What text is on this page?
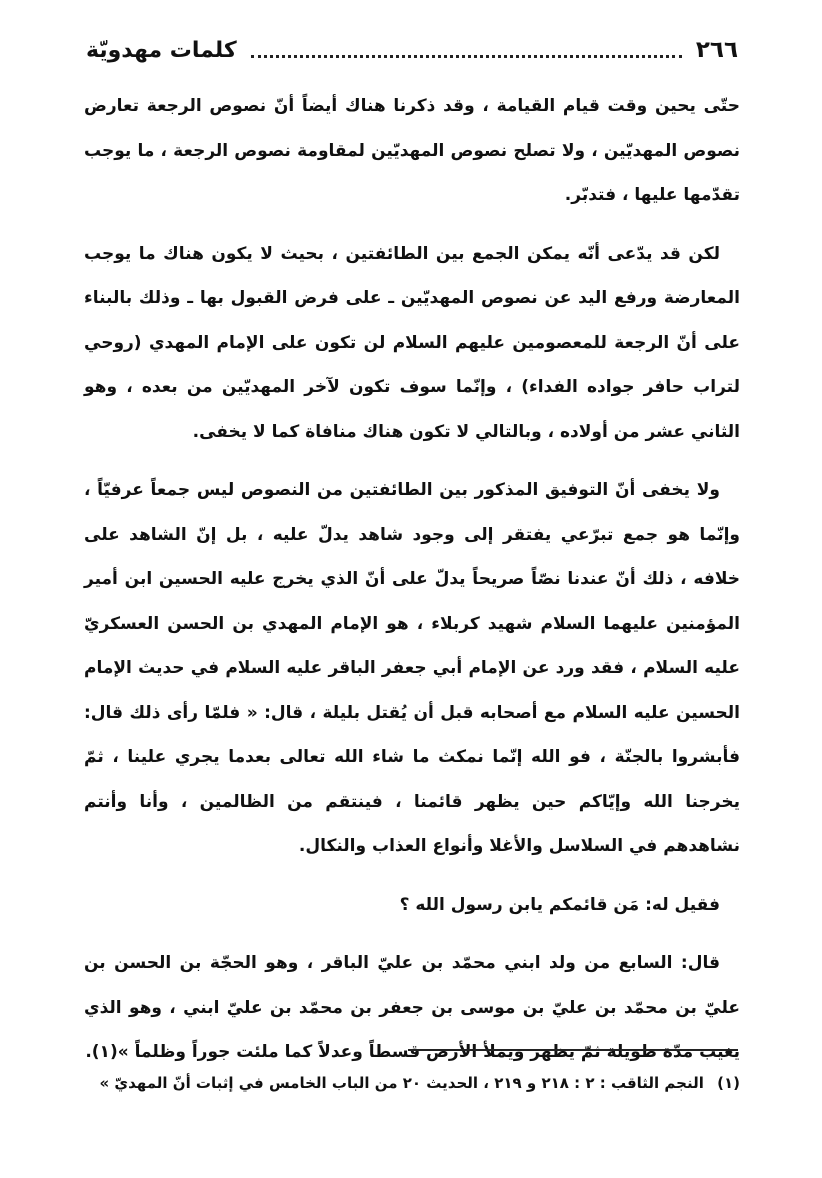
٢٦٦
كلمات مهدويّة

حتّى يحين وقت قيام القيامة ، وقد ذكرنا هناك أيضاً أنّ نصوص الرجعة تعارض نصوص المهديّين ، ولا تصلح نصوص المهديّين لمقاومة نصوص الرجعة ، ما يوجب تقدّمها عليها ، فتدبّر.

لكن قد يدّعى أنّه يمكن الجمع بين الطائفتين ، بحيث لا يكون هناك ما يوجب المعارضة ورفع اليد عن نصوص المهديّين ـ على فرض القبول بها ـ وذلك بالبناء على أنّ الرجعة للمعصومين عليهم السلام لن تكون على الإمام المهدي (روحي لتراب حافر جواده الفداء) ، وإنّما سوف تكون لآخر المهديّين من بعده ، وهو الثاني عشر من أولاده ، وبالتالي لا تكون هناك منافاة كما لا يخفى.

ولا يخفى أنّ التوفيق المذكور بين الطائفتين من النصوص ليس جمعاً عرفيّاً ، وإنّما هو جمع تبرّعي يفتقر إلى وجود شاهد يدلّ عليه ، بل إنّ الشاهد على خلافه ، ذلك أنّ عندنا نصّاً صريحاً يدلّ على أنّ الذي يخرج عليه الحسين ابن أمير المؤمنين عليهما السلام شهيد كربلاء ، هو الإمام المهدي بن الحسن العسكريّ عليه السلام ، فقد ورد عن الإمام أبي جعفر الباقر عليه السلام في حديث الإمام الحسين عليه السلام مع أصحابه قبل أن يُقتل بليلة ، قال: « فلمّا رأى ذلك قال: فأبشروا بالجنّة ، فو الله إنّما نمكث ما شاء الله تعالى بعدما يجري علينا ، ثمّ يخرجنا الله وإيّاكم حين يظهر قائمنا ، فينتقم من الظالمين ، وأنا وأنتم نشاهدهم في السلاسل والأغلا وأنواع العذاب والنكال.

فقيل له: مَن قائمكم يابن رسول الله ؟

قال: السابع من ولد ابني محمّد بن عليّ الباقر ، وهو الحجّة بن الحسن بن عليّ بن محمّد بن عليّ بن موسى بن جعفر بن محمّد بن عليّ ابني ، وهو الذي يغيب مدّة طويلة ثمّ يظهر ويملأ الأرض قسطاً وعدلاً كما ملئت جوراً وظلماً »(١).

(١) النجم الثاقب : ٢ : ٢١٨ و ٢١٩ ، الحديث ٢٠ من الباب الخامس في إثبات أنّ المهديّ »
